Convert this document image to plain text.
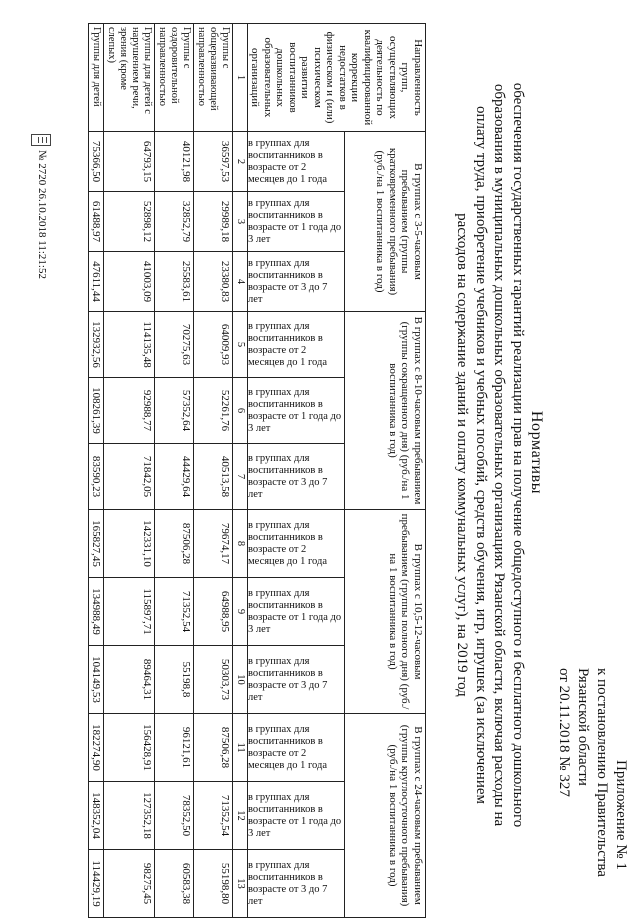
Приложение № 1
к постановлению Правительства
Рязанской области
от 20.11.2018 № 327
Нормативы
обеспечения государственных гарантий реализации прав на получение общедоступного и бесплатного дошкольного
образования в муниципальных дошкольных образовательных организациях Рязанской области, включая расходы на
оплату труда, приобретение учебников и учебных пособий, средств обучения, игр, игрушек (за исключением
расходов на содержание зданий и оплату коммунальных услуг), на 2019 год
Направленность групп, осуществляющих деятельность по квалифицированной коррекции недостатков в физическом и (или) психическом развитии воспитанников дошкольных образовательных организаций	В группах с 3-5-часовым пребыванием (группы кратковременного пребывания) (руб./на 1 воспитанника в год)			В группах с 8-10-часовым пребыванием (группы сокращенного дня) (руб./на 1 воспитанника в год)			В группах с 10,5-12-часовым пребыванием (группы полного дня) (руб./на 1 воспитанника в год)			В группах с 24-часовым пребыванием (группы круглосуточного пребывания) (руб./на 1 воспитанника в год)		

	в группах для воспитанников в возрасте от 2 месяцев до 1 года	в группах для воспитанников в возрасте от 1 года до 3 лет	в группах для воспитанников в возрасте от 3 до 7 лет	в группах для воспитанников в возрасте от 2 месяцев до 1 года	в группах для воспитанников в возрасте от 1 года до 3 лет	в группах для воспитанников в возрасте от 3 до 7 лет	в группах для воспитанников в возрасте от 2 месяцев до 1 года	в группах для воспитанников в возрасте от 1 года до 3 лет	в группах для воспитанников в возрасте от 3 до 7 лет	в группах для воспитанников в возрасте от 2 месяцев до 1 года	в группах для воспитанников в возрасте от 1 года до 3 лет	в группах для воспитанников в возрасте от 3 до 7 лет

1	2	3	4	5	6	7	8	9	10	11	12	13
Группы с общеразвивающей направленностью	36597,53	29989,18	23380,83	64009,93	52261,76	40513,58	79674,17	64988,95	50303,73	87506,28	71352,54	55198,80
Группы с оздоровительной направленностью	40121,98	32852,79	25583,61	70275,63	57352,64	44429,64	87506,28	71352,54	55198,8	96121,61	78352,50	60583,38
Группы для детей с нарушением речи, зрения (кроме слепых)	64793,15	52898,12	41003,09	114135,48	92988,77	71842,05	142331,10	115897,71	89464,31	156428,91	127352,18	98275,45
Группы для детей	75366,50	61488,97	47611,44	132932,56	108261,39	83590,23	165827,45	134988,49	104149,53	182274,90	148352,04	114429,19
№ 2720 26.10.2018 11:21:52
